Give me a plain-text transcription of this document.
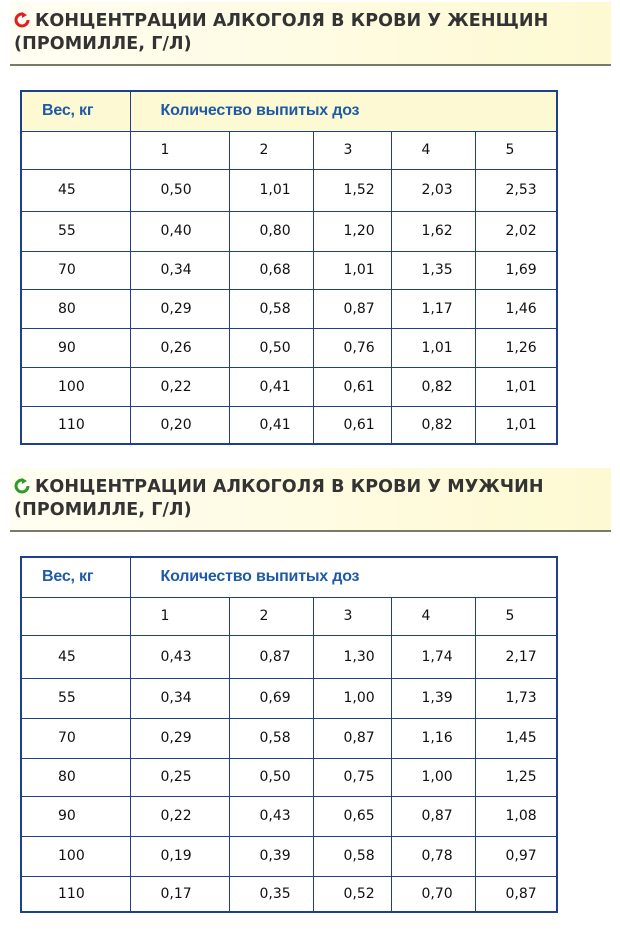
КОНЦЕНТРАЦИИ АЛКОГОЛЯ В КРОВИ У ЖЕНЩИН
(ПРОМИЛЛЕ, Г/Л)
Вес, кг	Количество выпитых доз				
	1	2	3	4	5
45	0,50	1,01	1,52	2,03	2,53
55	0,40	0,80	1,20	1,62	2,02
70	0,34	0,68	1,01	1,35	1,69
80	0,29	0,58	0,87	1,17	1,46
90	0,26	0,50	0,76	1,01	1,26
100	0,22	0,41	0,61	0,82	1,01
110	0,20	0,41	0,61	0,82	1,01
КОНЦЕНТРАЦИИ АЛКОГОЛЯ В КРОВИ У МУЖЧИН
(ПРОМИЛЛЕ, Г/Л)
Вес, кг	Количество выпитых доз				
	1	2	3	4	5
45	0,43	0,87	1,30	1,74	2,17
55	0,34	0,69	1,00	1,39	1,73
70	0,29	0,58	0,87	1,16	1,45
80	0,25	0,50	0,75	1,00	1,25
90	0,22	0,43	0,65	0,87	1,08
100	0,19	0,39	0,58	0,78	0,97
110	0,17	0,35	0,52	0,70	0,87
